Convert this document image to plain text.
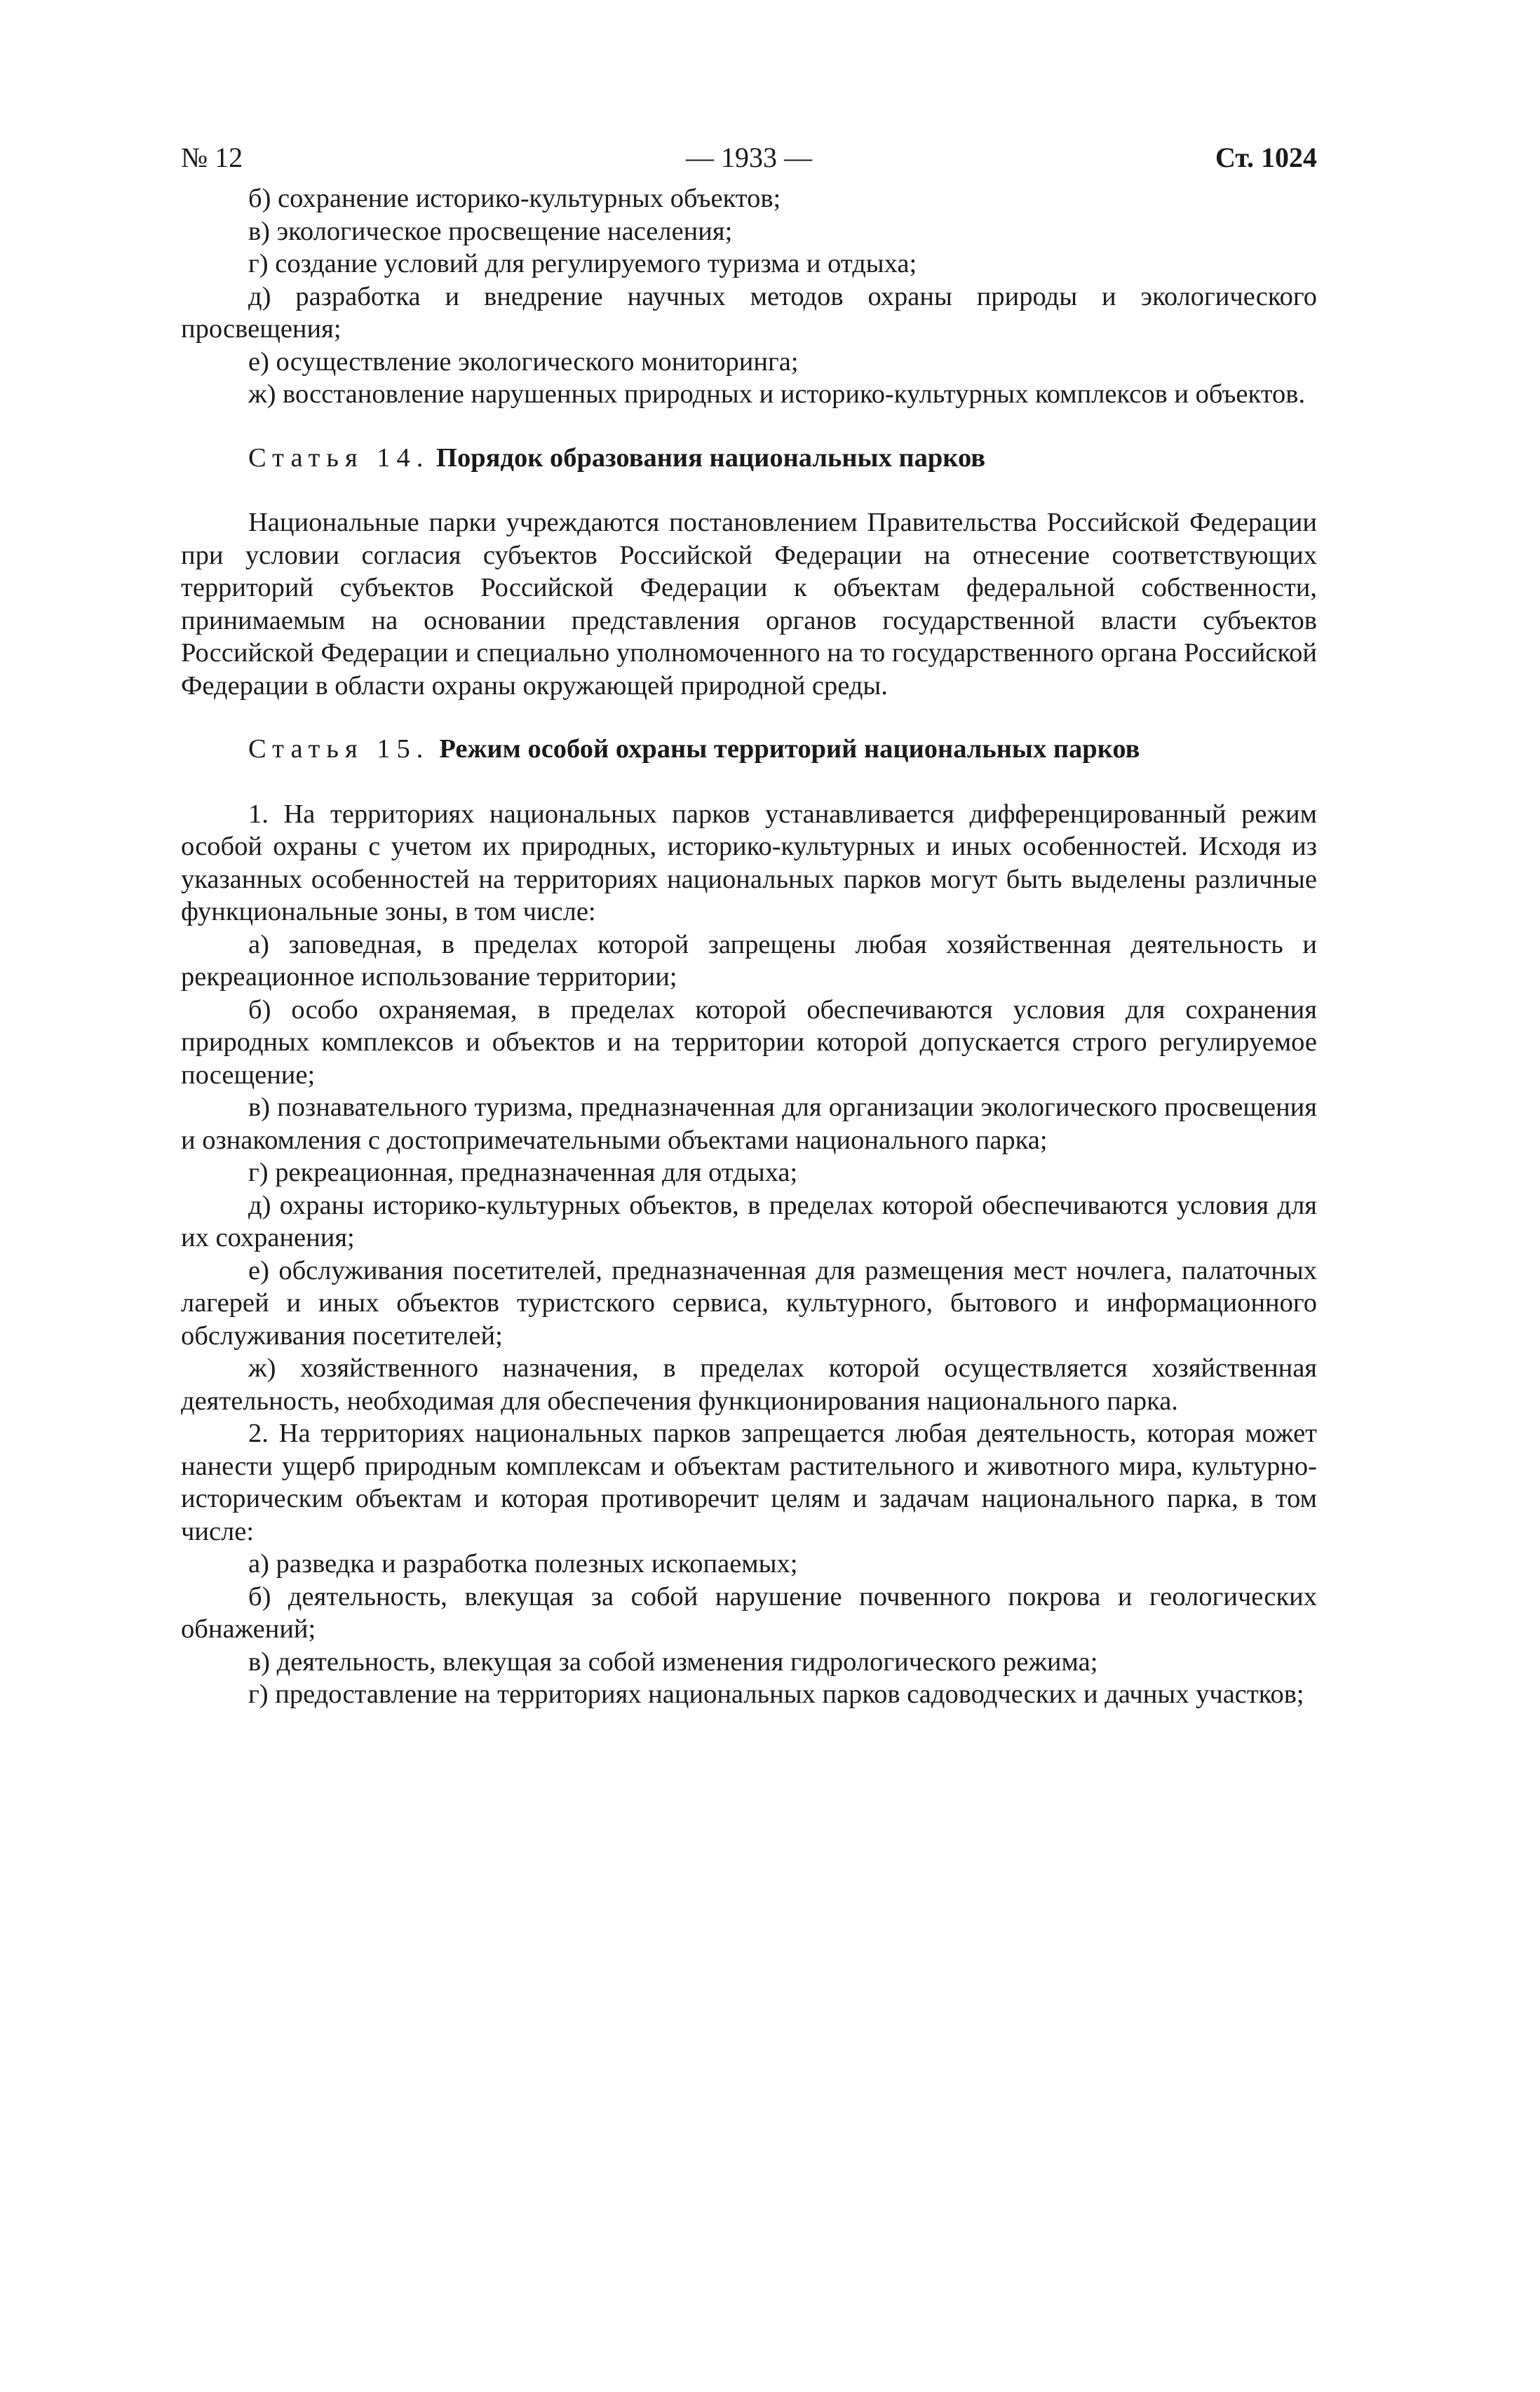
№ 12	— 1933 —	Ст. 1024

б) сохранение историко-культурных объектов;

в) экологическое просвещение населения;

г) создание условий для регулируемого туризма и отдыха;

д) разработка и внедрение научных методов охраны природы и экологического просвещения;

е) осуществление экологического мониторинга;

ж) восстановление нарушенных природных и историко-культурных комплексов и объектов.

Статья 14. Порядок образования национальных парков

Национальные парки учреждаются постановлением Правительства Российской Федерации при условии согласия субъектов Российской Федерации на отнесение соответствующих территорий субъектов Российской Федерации к объектам федеральной собственности, принимаемым на основании представления органов государственной власти субъектов Российской Федерации и специально уполномоченного на то государственного органа Российской Федерации в области охраны окружающей природной среды.

Статья 15. Режим особой охраны территорий национальных парков

1. На территориях национальных парков устанавливается дифференцированный режим особой охраны с учетом их природных, историко-культурных и иных особенностей. Исходя из указанных особенностей на территориях национальных парков могут быть выделены различные функциональные зоны, в том числе:

а) заповедная, в пределах которой запрещены любая хозяйственная деятельность и рекреационное использование территории;

б) особо охраняемая, в пределах которой обеспечиваются условия для сохранения природных комплексов и объектов и на территории которой допускается строго регулируемое посещение;

в) познавательного туризма, предназначенная для организации экологического просвещения и ознакомления с достопримечательными объектами национального парка;

г) рекреационная, предназначенная для отдыха;

д) охраны историко-культурных объектов, в пределах которой обеспечиваются условия для их сохранения;

е) обслуживания посетителей, предназначенная для размещения мест ночлега, палаточных лагерей и иных объектов туристского сервиса, культурного, бытового и информационного обслуживания посетителей;

ж) хозяйственного назначения, в пределах которой осуществляется хозяйственная деятельность, необходимая для обеспечения функционирования национального парка.

2. На территориях национальных парков запрещается любая деятельность, которая может нанести ущерб природным комплексам и объектам растительного и животного мира, культурно-историческим объектам и которая противоречит целям и задачам национального парка, в том числе:

а) разведка и разработка полезных ископаемых;

б) деятельность, влекущая за собой нарушение почвенного покрова и геологических обнажений;

в) деятельность, влекущая за собой изменения гидрологического режима;

г) предоставление на территориях национальных парков садоводческих и дачных участков;
